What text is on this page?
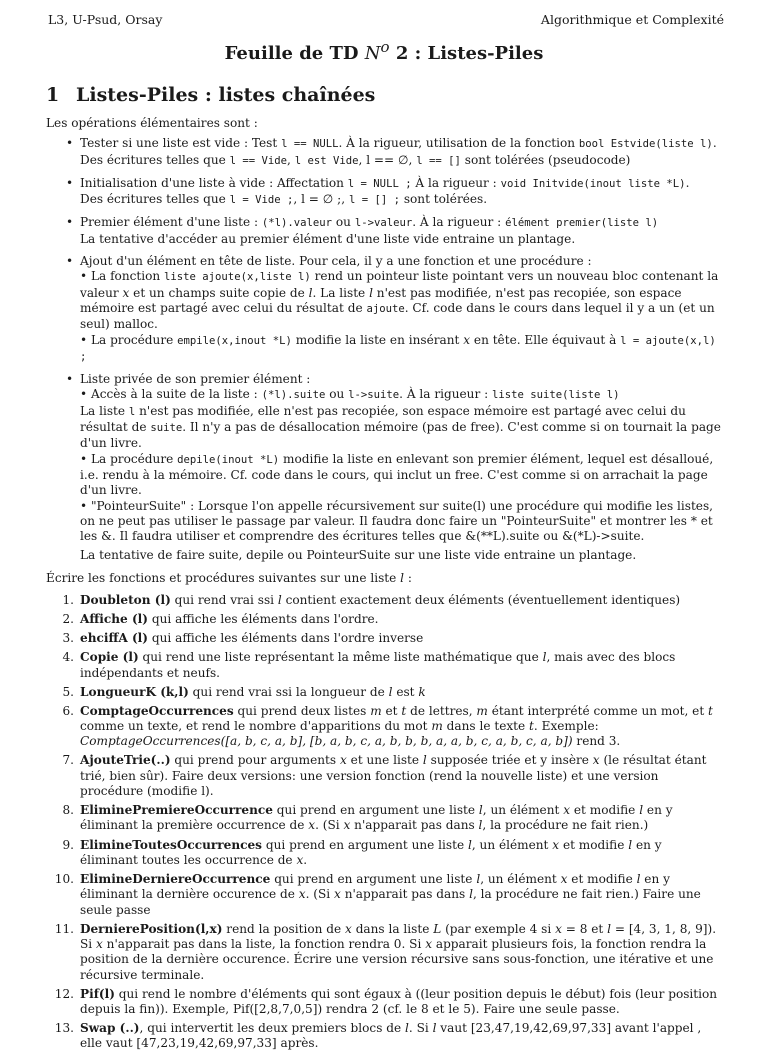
L3, U-Psud, Orsay	Algorithmique et Complexité
Feuille de TD $N^o$ 2 : Listes-Piles
1 Listes-Piles : listes chaînées

Les opérations élémentaires sont :

• Tester si une liste est vide : Test l == NULL. À la rigueur, utilisation de la fonction bool Estvide(liste l).
Des écritures telles que l == Vide, l est Vide, l == ∅, l == [] sont tolérées (pseudocode)
• Initialisation d'une liste à vide : Affectation l = NULL ; À la rigueur : void Initvide(inout liste *L).
Des écritures telles que l = Vide ;, l = ∅ ;, l = [] ; sont tolérées.
• Premier élément d'une liste : (*l).valeur ou l->valeur. À la rigueur : élément premier(liste l)
La tentative d'accéder au premier élément d'une liste vide entraine un plantage.
• Ajout d'un élément en tête de liste. Pour cela, il y a une fonction et une procédure :
• La fonction liste ajoute(x,liste l) rend un pointeur liste pointant vers un nouveau bloc contenant la valeur x et un champs suite copie de l. La liste l n'est pas modifiée, n'est pas recopiée, son espace mémoire est partagé avec celui du résultat de ajoute. Cf. code dans le cours dans lequel il y a un (et un seul) malloc.
• La procédure empile(x,inout *L) modifie la liste en insérant x en tête. Elle équivaut à l = ajoute(x,l) ;
• Liste privée de son premier élément :
• Accès à la suite de la liste : (*l).suite ou l->suite. À la rigueur : liste suite(liste l)
La liste l n'est pas modifiée, elle n'est pas recopiée, son espace mémoire est partagé avec celui du résultat de suite. Il n'y a pas de désallocation mémoire (pas de free). C'est comme si on tournait la page d'un livre.
• La procédure depile(inout *L) modifie la liste en enlevant son premier élément, lequel est désalloué, i.e. rendu à la mémoire. Cf. code dans le cours, qui inclut un free. C'est comme si on arrachait la page d'un livre.
• "PointeurSuite" : Lorsque l'on appelle récursivement sur suite(l) une procédure qui modifie les listes, on ne peut pas utiliser le passage par valeur. Il faudra donc faire un "PointeurSuite" et montrer les * et les &. Il faudra utiliser et comprendre des écritures telles que &(**L).suite ou &(*L)->suite.

La tentative de faire suite, depile ou PointeurSuite sur une liste vide entraine un plantage.

Écrire les fonctions et procédures suivantes sur une liste l :

1. Doubleton (l) qui rend vrai ssi l contient exactement deux éléments (éventuellement identiques)
2. Affiche (l) qui affiche les éléments dans l'ordre.
3. ehciffA (l) qui affiche les éléments dans l'ordre inverse
4. Copie (l) qui rend une liste représentant la même liste mathématique que l, mais avec des blocs indépendants et neufs.
5. LongueurK (k,l) qui rend vrai ssi la longueur de l est k
6. ComptageOccurrences qui prend deux listes m et t de lettres, m étant interprété comme un mot, et t comme un texte, et rend le nombre d'apparitions du mot m dans le texte t. Exemple:
ComptageOccurrences([a, b, c, a, b], [b, a, b, c, a, b, b, b, a, a, b, c, a, b, c, a, b]) rend 3.
7. AjouteTrie(..) qui prend pour arguments x et une liste l supposée triée et y insère x (le résultat étant trié, bien sûr). Faire deux versions: une version fonction (rend la nouvelle liste) et une version procédure (modifie l).
8. EliminePremiereOccurrence qui prend en argument une liste l, un élément x et modifie l en y éliminant la première occurrence de x. (Si x n'apparait pas dans l, la procédure ne fait rien.)
9. ElimineToutesOccurrences qui prend en argument une liste l, un élément x et modifie l en y éliminant toutes les occurrence de x.
10. ElimineDerniereOccurrence qui prend en argument une liste l, un élément x et modifie l en y éliminant la dernière occurence de x. (Si x n'apparait pas dans l, la procédure ne fait rien.) Faire une seule passe
11. DernierePosition(l,x) rend la position de x dans la liste L (par exemple 4 si x = 8 et l = [4, 3, 1, 8, 9]). Si x n'apparait pas dans la liste, la fonction rendra 0. Si x apparait plusieurs fois, la fonction rendra la position de la dernière occurence. Écrire une version récursive sans sous-fonction, une itérative et une récursive terminale.
12. Pif(l) qui rend le nombre d'éléments qui sont égaux à ((leur position depuis le début) fois (leur position depuis la fin)). Exemple, Pif([2,8,7,0,5]) rendra 2 (cf. le 8 et le 5). Faire une seule passe.
13. Swap (..), qui intervertit les deux premiers blocs de l. Si l vaut [23,47,19,42,69,97,33] avant l'appel , elle vaut [47,23,19,42,69,97,33] après.
